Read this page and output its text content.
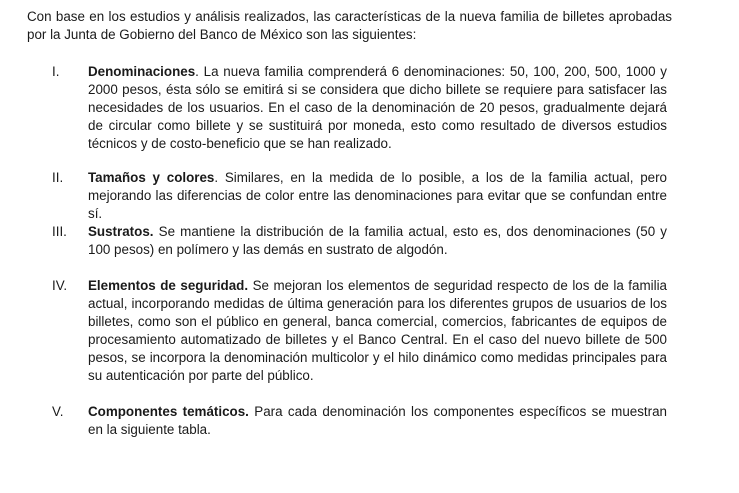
Con base en los estudios y análisis realizados, las características de la nueva familia de billetes aprobadas por la Junta de Gobierno del Banco de México son las siguientes:

I. Denominaciones. La nueva familia comprenderá 6 denominaciones: 50, 100, 200, 500, 1000 y 2000 pesos, ésta sólo se emitirá si se considera que dicho billete se requiere para satisfacer las necesidades de los usuarios. En el caso de la denominación de 20 pesos, gradualmente dejará de circular como billete y se sustituirá por moneda, esto como resultado de diversos estudios técnicos y de costo-beneficio que se han realizado.

II. Tamaños y colores. Similares, en la medida de lo posible, a los de la familia actual, pero mejorando las diferencias de color entre las denominaciones para evitar que se confundan entre sí.

III. Sustratos. Se mantiene la distribución de la familia actual, esto es, dos denominaciones (50 y 100 pesos) en polímero y las demás en sustrato de algodón.

IV. Elementos de seguridad. Se mejoran los elementos de seguridad respecto de los de la familia actual, incorporando medidas de última generación para los diferentes grupos de usuarios de los billetes, como son el público en general, banca comercial, comercios, fabricantes de equipos de procesamiento automatizado de billetes y el Banco Central. En el caso del nuevo billete de 500 pesos, se incorpora la denominación multicolor y el hilo dinámico como medidas principales para su autenticación por parte del público.

V. Componentes temáticos. Para cada denominación los componentes específicos se muestran en la siguiente tabla.
